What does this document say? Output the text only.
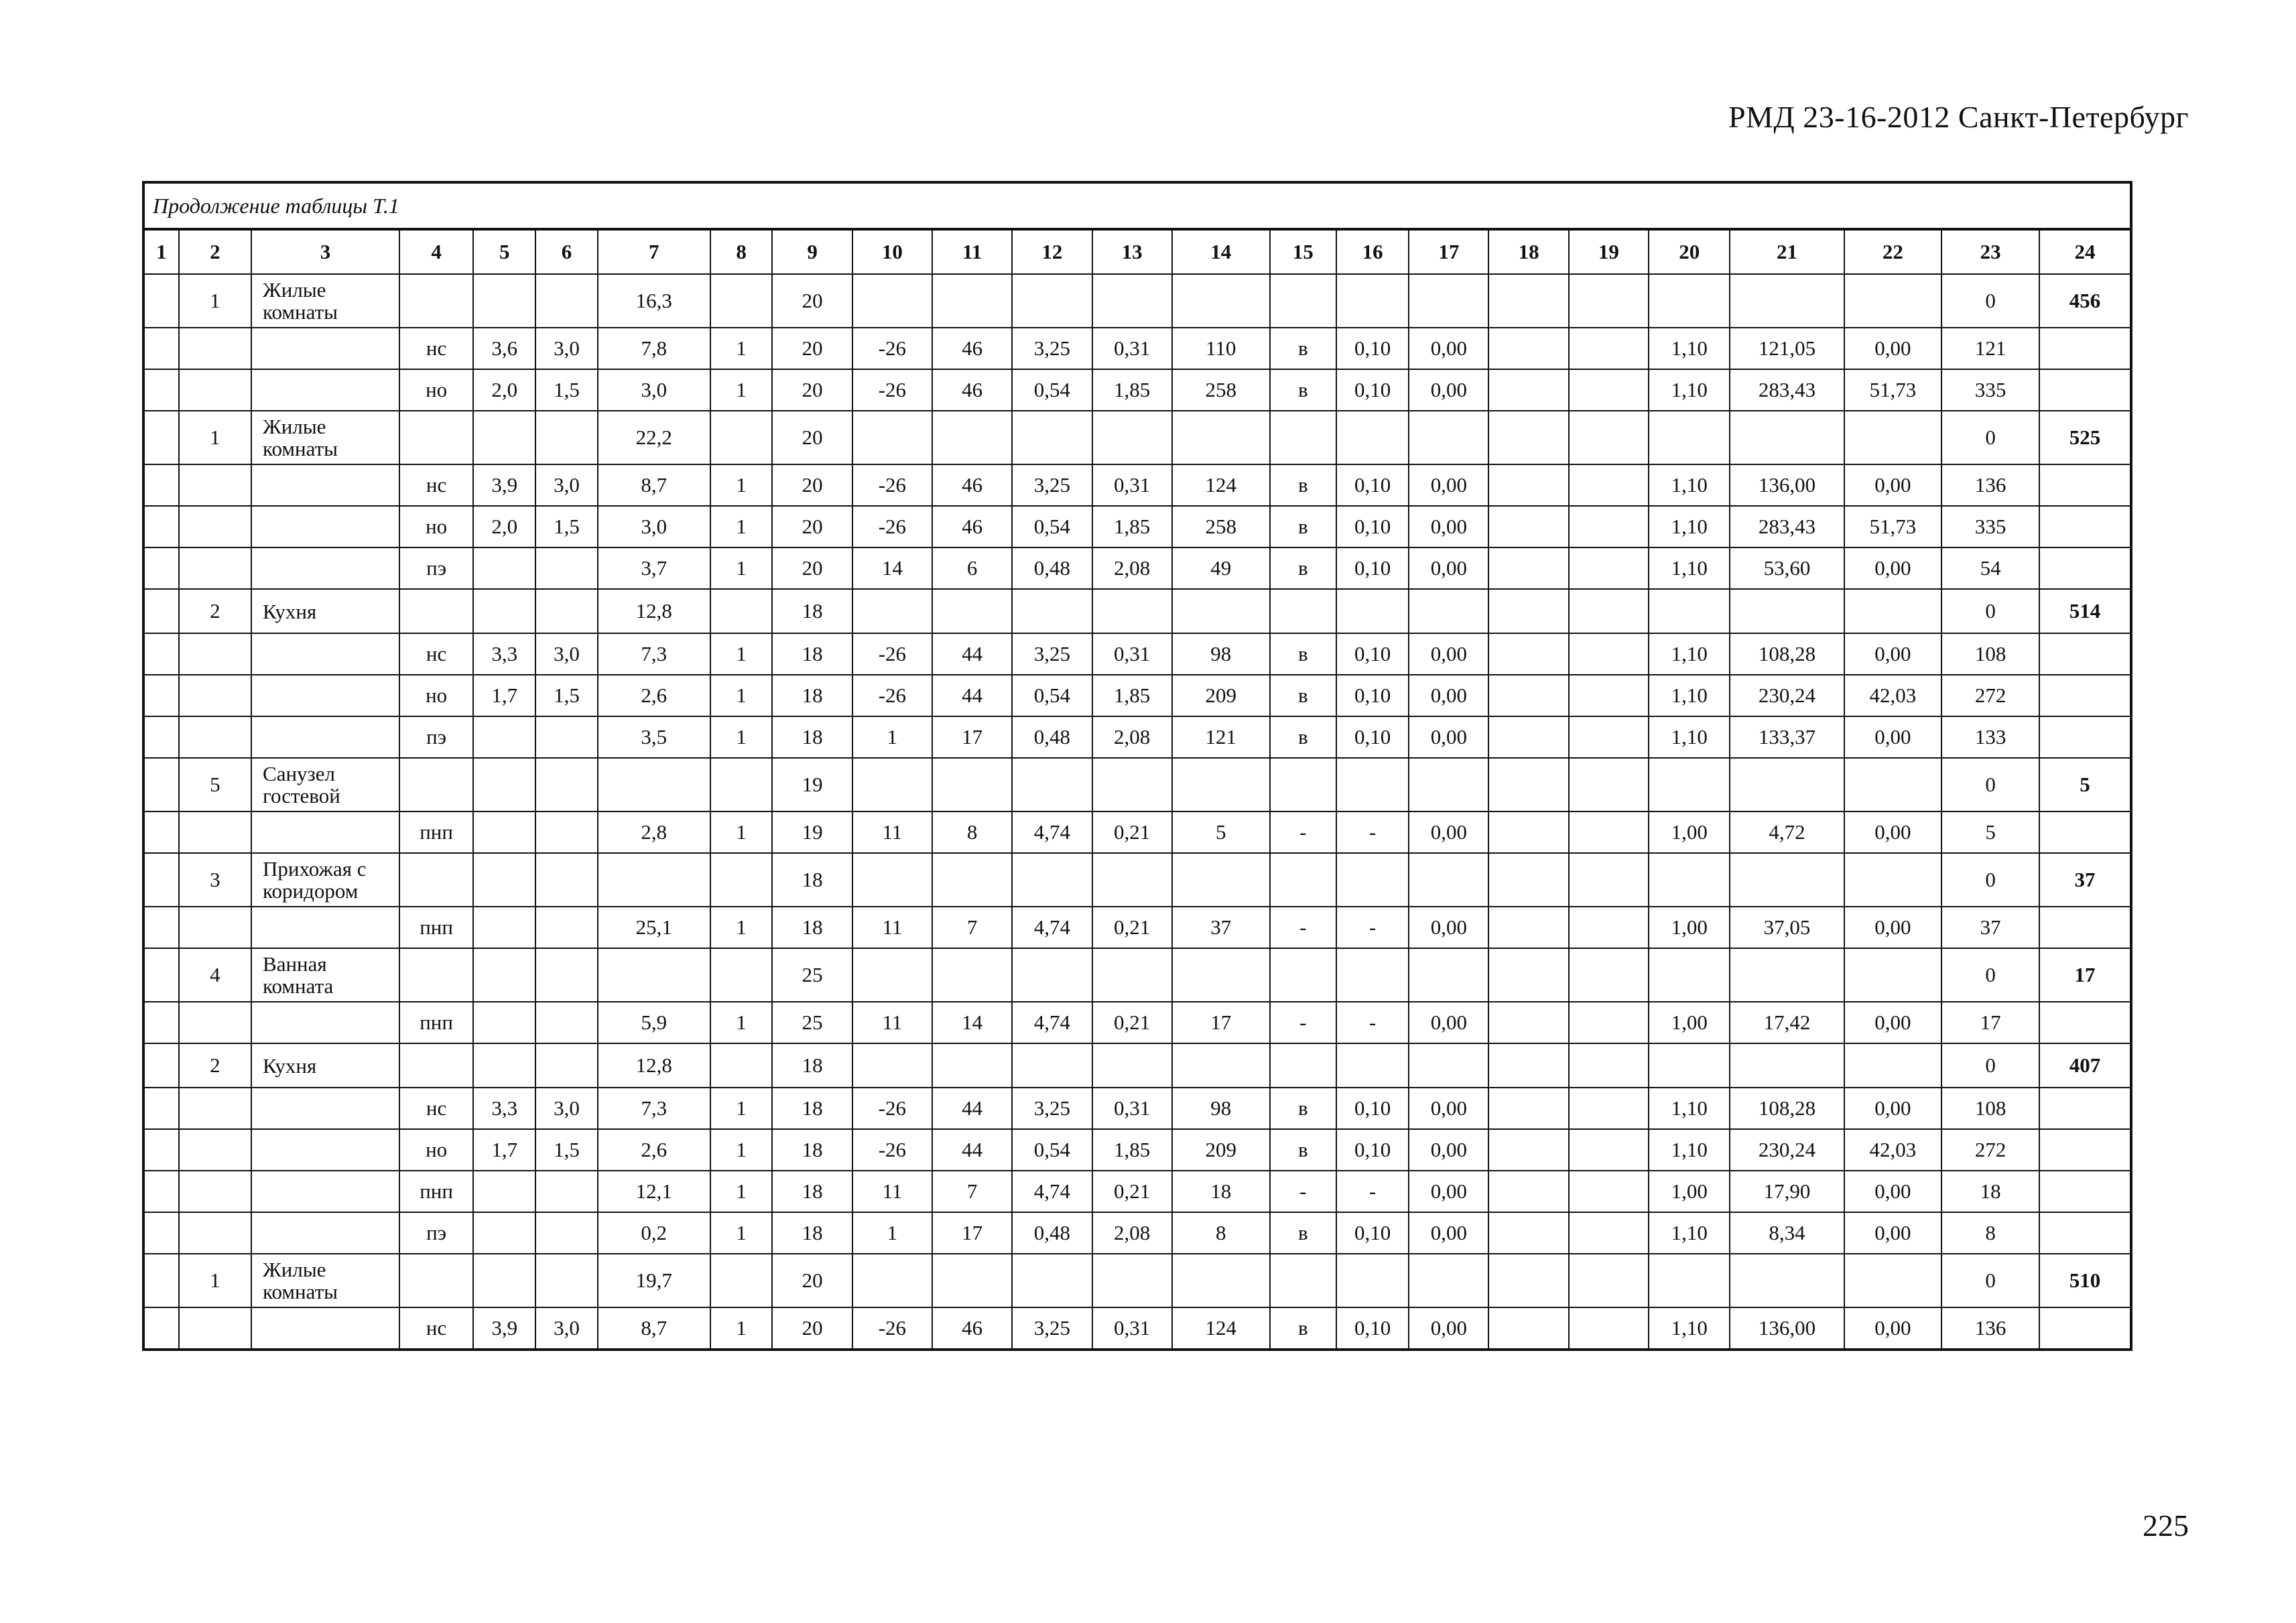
РМД 23-16-2012 Санкт-Петербург
Продолжение таблицы Т.1
1	2	3	4	5	6	7	8	9	10	11	12	13	14	15	16	17	18	19	20	21	22	23	24
	1	Жилые комнаты				16,3		20														0	456
			нс	3,6	3,0	7,8	1	20	-26	46	3,25	0,31	110	в	0,10	0,00			1,10	121,05	0,00	121	
			но	2,0	1,5	3,0	1	20	-26	46	0,54	1,85	258	в	0,10	0,00			1,10	283,43	51,73	335	
	1	Жилые комнаты				22,2		20														0	525
			нс	3,9	3,0	8,7	1	20	-26	46	3,25	0,31	124	в	0,10	0,00			1,10	136,00	0,00	136	
			но	2,0	1,5	3,0	1	20	-26	46	0,54	1,85	258	в	0,10	0,00			1,10	283,43	51,73	335	
			пэ			3,7	1	20	14	6	0,48	2,08	49	в	0,10	0,00			1,10	53,60	0,00	54	
	2	Кухня				12,8		18														0	514
			нс	3,3	3,0	7,3	1	18	-26	44	3,25	0,31	98	в	0,10	0,00			1,10	108,28	0,00	108	
			но	1,7	1,5	2,6	1	18	-26	44	0,54	1,85	209	в	0,10	0,00			1,10	230,24	42,03	272	
			пэ			3,5	1	18	1	17	0,48	2,08	121	в	0,10	0,00			1,10	133,37	0,00	133	
	5	Санузел гостевой						19														0	5
			пнп			2,8	1	19	11	8	4,74	0,21	5	-	-	0,00			1,00	4,72	0,00	5	
	3	Прихожая с коридором						18														0	37
			пнп			25,1	1	18	11	7	4,74	0,21	37	-	-	0,00			1,00	37,05	0,00	37	
	4	Ванная комната						25														0	17
			пнп			5,9	1	25	11	14	4,74	0,21	17	-	-	0,00			1,00	17,42	0,00	17	
	2	Кухня				12,8		18														0	407
			нс	3,3	3,0	7,3	1	18	-26	44	3,25	0,31	98	в	0,10	0,00			1,10	108,28	0,00	108	
			но	1,7	1,5	2,6	1	18	-26	44	0,54	1,85	209	в	0,10	0,00			1,10	230,24	42,03	272	
			пнп			12,1	1	18	11	7	4,74	0,21	18	-	-	0,00			1,00	17,90	0,00	18	
			пэ			0,2	1	18	1	17	0,48	2,08	8	в	0,10	0,00			1,10	8,34	0,00	8	
	1	Жилые комнаты				19,7		20														0	510
			нс	3,9	3,0	8,7	1	20	-26	46	3,25	0,31	124	в	0,10	0,00			1,10	136,00	0,00	136	
225
